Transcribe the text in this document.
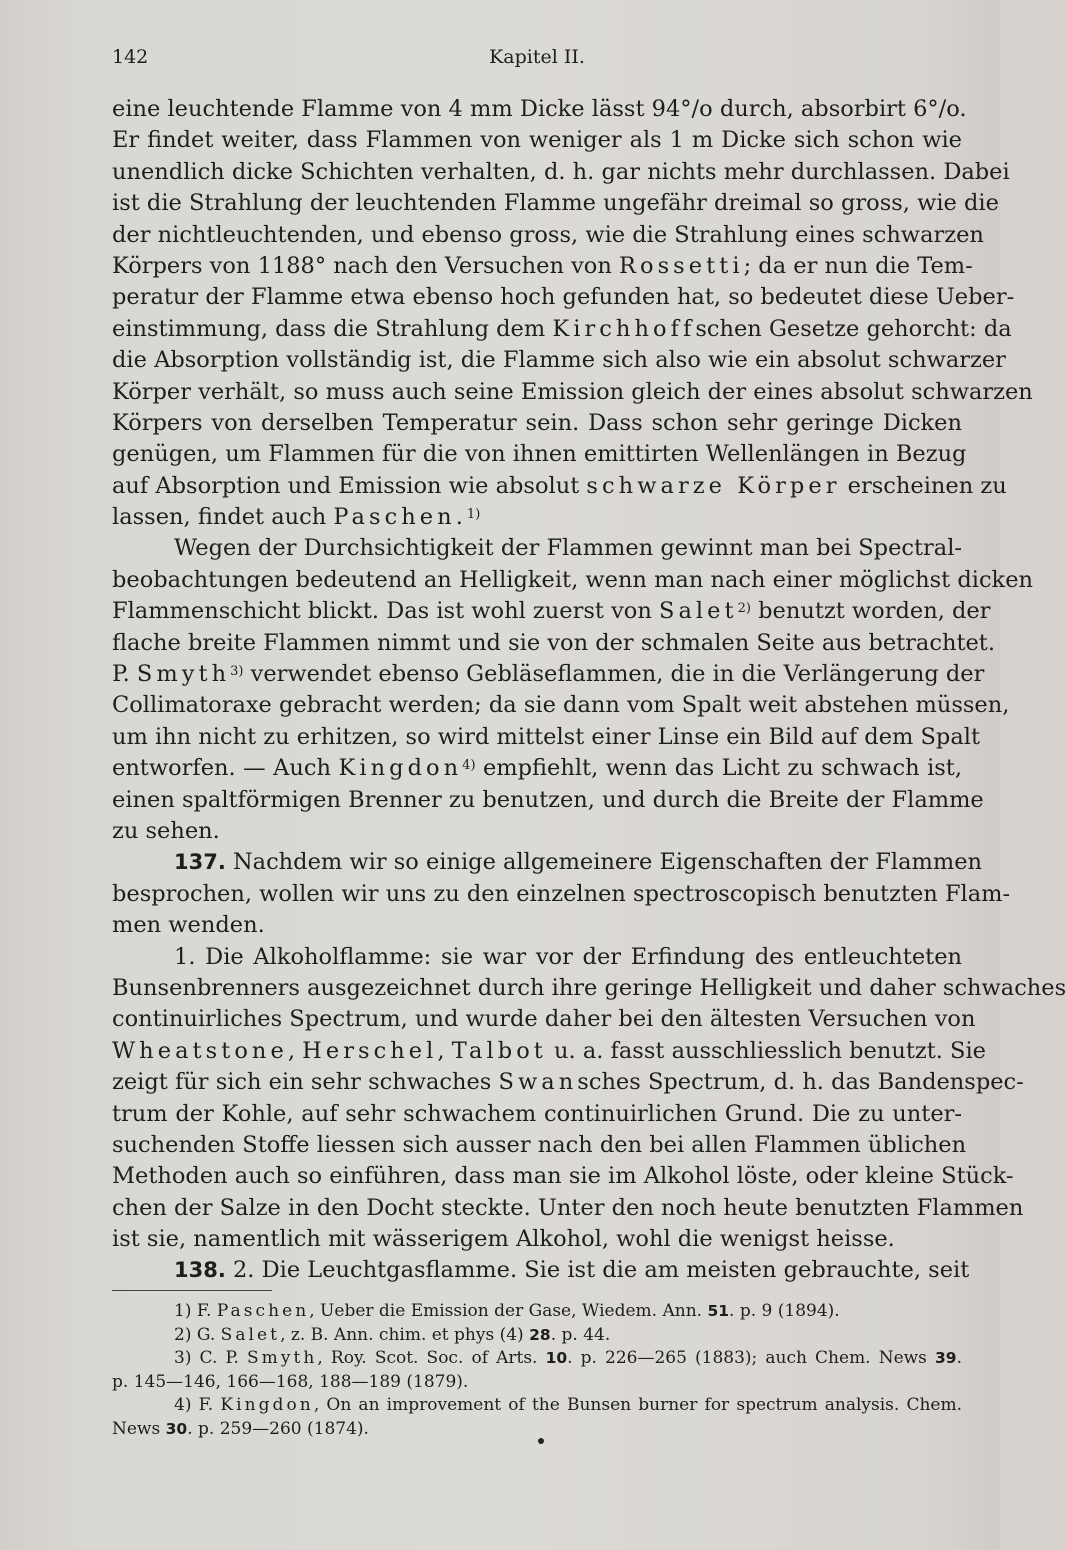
142	Kapitel II.
eine leuchtende Flamme von 4 mm Dicke lässt 94°/o durch, absorbirt 6°/o.
Er findet weiter, dass Flammen von weniger als 1 m Dicke sich schon wie
unendlich dicke Schichten verhalten, d. h. gar nichts mehr durchlassen. Dabei
ist die Strahlung der leuchtenden Flamme ungefähr dreimal so gross, wie die
der nichtleuchtenden, und ebenso gross, wie die Strahlung eines schwarzen
Körpers von 1188° nach den Versuchen von Rossetti; da er nun die Tem-
peratur der Flamme etwa ebenso hoch gefunden hat, so bedeutet diese Ueber-
einstimmung, dass die Strahlung dem Kirchhoffschen Gesetze gehorcht: da
die Absorption vollständig ist, die Flamme sich also wie ein absolut schwarzer
Körper verhält, so muss auch seine Emission gleich der eines absolut schwarzen
Körpers von derselben Temperatur sein. Dass schon sehr geringe Dicken
genügen, um Flammen für die von ihnen emittirten Wellenlängen in Bezug
auf Absorption und Emission wie absolut schwarze Körper erscheinen zu
lassen, findet auch Paschen.$^{1)}$
Wegen der Durchsichtigkeit der Flammen gewinnt man bei Spectral-
beobachtungen bedeutend an Helligkeit, wenn man nach einer möglichst dicken
Flammenschicht blickt. Das ist wohl zuerst von Salet$^{2)}$ benutzt worden, der
flache breite Flammen nimmt und sie von der schmalen Seite aus betrachtet.
P. Smyth$^{3)}$ verwendet ebenso Gebläseflammen, die in die Verlängerung der
Collimatoraxe gebracht werden; da sie dann vom Spalt weit abstehen müssen,
um ihn nicht zu erhitzen, so wird mittelst einer Linse ein Bild auf dem Spalt
entworfen. — Auch Kingdon$^{4)}$ empfiehlt, wenn das Licht zu schwach ist,
einen spaltförmigen Brenner zu benutzen, und durch die Breite der Flamme
zu sehen.
137. Nachdem wir so einige allgemeinere Eigenschaften der Flammen
besprochen, wollen wir uns zu den einzelnen spectroscopisch benutzten Flam-
men wenden.
1. Die Alkoholflamme: sie war vor der Erfindung des entleuchteten
Bunsenbrenners ausgezeichnet durch ihre geringe Helligkeit und daher schwaches
continuirliches Spectrum, und wurde daher bei den ältesten Versuchen von
Wheatstone, Herschel, Talbot u. a. fasst ausschliesslich benutzt. Sie
zeigt für sich ein sehr schwaches Swansches Spectrum, d. h. das Bandenspec-
trum der Kohle, auf sehr schwachem continuirlichen Grund. Die zu unter-
suchenden Stoffe liessen sich ausser nach den bei allen Flammen üblichen
Methoden auch so einführen, dass man sie im Alkohol löste, oder kleine Stück-
chen der Salze in den Docht steckte. Unter den noch heute benutzten Flammen
ist sie, namentlich mit wässerigem Alkohol, wohl die wenigst heisse.
138. 2. Die Leuchtgasflamme. Sie ist die am meisten gebrauchte, seit
1) F. Paschen, Ueber die Emission der Gase, Wiedem. Ann. 51. p. 9 (1894).
2) G. Salet, z. B. Ann. chim. et phys (4) 28. p. 44.
3) C. P. Smyth, Roy. Scot. Soc. of Arts. 10. p. 226—265 (1883); auch Chem. News 39.
p. 145—146, 166—168, 188—189 (1879).
4) F. Kingdon, On an improvement of the Bunsen burner for spectrum analysis. Chem.
News 30. p. 259—260 (1874).
